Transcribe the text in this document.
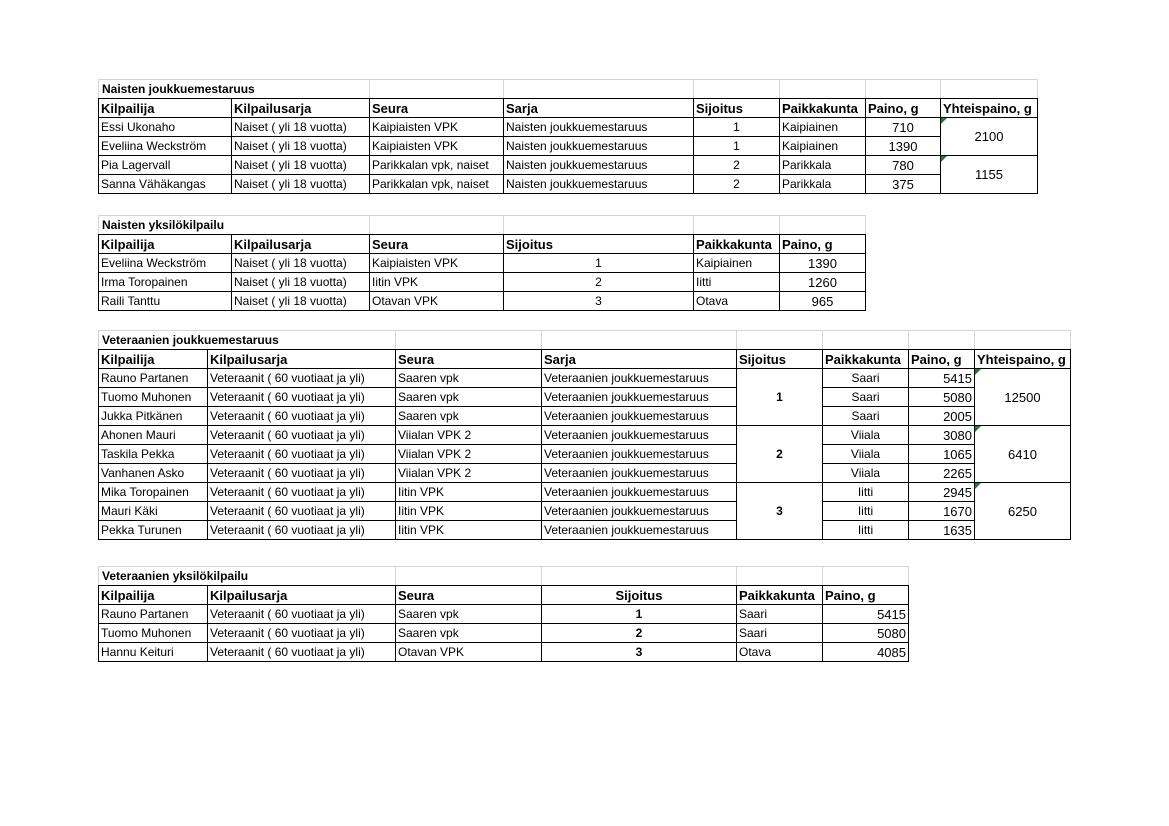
Naisten joukkuemestaruus							
Kilpailija	Kilpailusarja	Seura	Sarja	Sijoitus	Paikkakunta	Paino, g	Yhteispaino, g
Essi Ukonaho	Naiset ( yli 18 vuotta)	Kaipiaisten VPK	Naisten joukkuemestaruus	1	Kaipiainen	710	2100
Eveliina Weckström	Naiset ( yli 18 vuotta)	Kaipiaisten VPK	Naisten joukkuemestaruus	1	Kaipiainen	1390	
Pia Lagervall	Naiset ( yli 18 vuotta)	Parikkalan vpk, naiset	Naisten joukkuemestaruus	2	Parikkala	780	1155
Sanna Vähäkangas	Naiset ( yli 18 vuotta)	Parikkalan vpk, naiset	Naisten joukkuemestaruus	2	Parikkala	375	
Naisten yksilökilpailu					
Kilpailija	Kilpailusarja	Seura	Sijoitus	Paikkakunta	Paino, g
Eveliina Weckström	Naiset ( yli 18 vuotta)	Kaipiaisten VPK	1	Kaipiainen	1390
Irma Toropainen	Naiset ( yli 18 vuotta)	Iitin VPK	2	Iitti	1260
Raili Tanttu	Naiset ( yli 18 vuotta)	Otavan VPK	3	Otava	965
Veteraanien joukkuemestaruus							
Kilpailija	Kilpailusarja	Seura	Sarja	Sijoitus	Paikkakunta	Paino, g	Yhteispaino, g
Rauno Partanen	Veteraanit ( 60 vuotiaat ja yli)	Saaren vpk	Veteraanien joukkuemestaruus	1	Saari	5415	12500
Tuomo Muhonen	Veteraanit ( 60 vuotiaat ja yli)	Saaren vpk	Veteraanien joukkuemestaruus		Saari	5080	
Jukka Pitkänen	Veteraanit ( 60 vuotiaat ja yli)	Saaren vpk	Veteraanien joukkuemestaruus		Saari	2005	
Ahonen Mauri	Veteraanit ( 60 vuotiaat ja yli)	Viialan VPK 2	Veteraanien joukkuemestaruus	2	Viiala	3080	6410
Taskila Pekka	Veteraanit ( 60 vuotiaat ja yli)	Viialan VPK 2	Veteraanien joukkuemestaruus		Viiala	1065	
Vanhanen Asko	Veteraanit ( 60 vuotiaat ja yli)	Viialan VPK 2	Veteraanien joukkuemestaruus		Viiala	2265	
Mika Toropainen	Veteraanit ( 60 vuotiaat ja yli)	Iitin VPK	Veteraanien joukkuemestaruus	3	Iitti	2945	6250
Mauri Käki	Veteraanit ( 60 vuotiaat ja yli)	Iitin VPK	Veteraanien joukkuemestaruus		Iitti	1670	
Pekka Turunen	Veteraanit ( 60 vuotiaat ja yli)	Iitin VPK	Veteraanien joukkuemestaruus		Iitti	1635	
Veteraanien yksilökilpailu					
Kilpailija	Kilpailusarja	Seura	Sijoitus	Paikkakunta	Paino, g
Rauno Partanen	Veteraanit ( 60 vuotiaat ja yli)	Saaren vpk	1	Saari	5415
Tuomo Muhonen	Veteraanit ( 60 vuotiaat ja yli)	Saaren vpk	2	Saari	5080
Hannu Keituri	Veteraanit ( 60 vuotiaat ja yli)	Otavan VPK	3	Otava	4085
